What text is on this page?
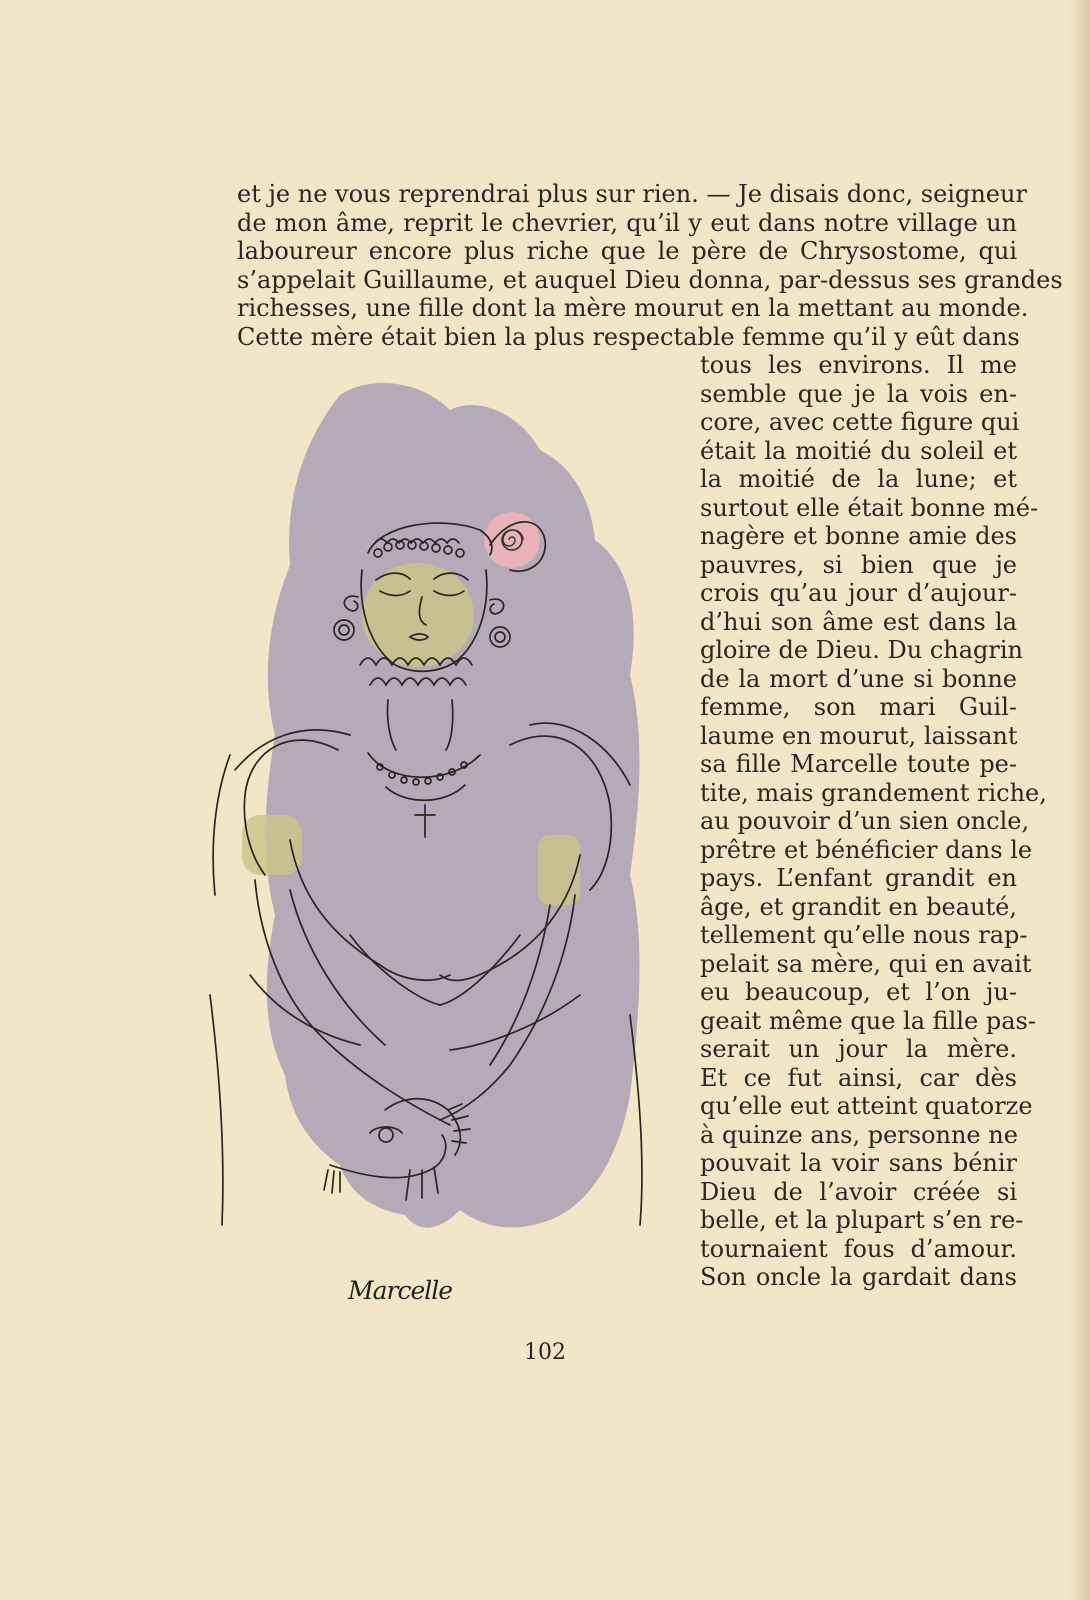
et je ne vous reprendrai plus sur rien. — Je disais donc, seigneur
de mon âme, reprit le chevrier, qu’il y eut dans notre village un
laboureur encore plus riche que le père de Chrysostome, qui
s’appelait Guillaume, et auquel Dieu donna, par-dessus ses grandes
richesses, une fille dont la mère mourut en la mettant au monde.
Cette mère était bien la plus respectable femme qu’il y eût dans
tous les environs. Il me
semble que je la vois en-
core, avec cette figure qui
était la moitié du soleil et
la moitié de la lune; et
surtout elle était bonne mé-
nagère et bonne amie des
pauvres, si bien que je
crois qu’au jour d’aujour-
d’hui son âme est dans la
gloire de Dieu. Du chagrin
de la mort d’une si bonne
femme, son mari Guil-
laume en mourut, laissant
sa fille Marcelle toute pe-
tite, mais grandement riche,
au pouvoir d’un sien oncle,
prêtre et bénéficier dans le
pays. L’enfant grandit en
âge, et grandit en beauté,
tellement qu’elle nous rap-
pelait sa mère, qui en avait
eu beaucoup, et l’on ju-
geait même que la fille pas-
serait un jour la mère.
Et ce fut ainsi, car dès
qu’elle eut atteint quatorze
à quinze ans, personne ne
pouvait la voir sans bénir
Dieu de l’avoir créée si
belle, et la plupart s’en re-
tournaient fous d’amour.
Son oncle la gardait dans
Marcelle
102
